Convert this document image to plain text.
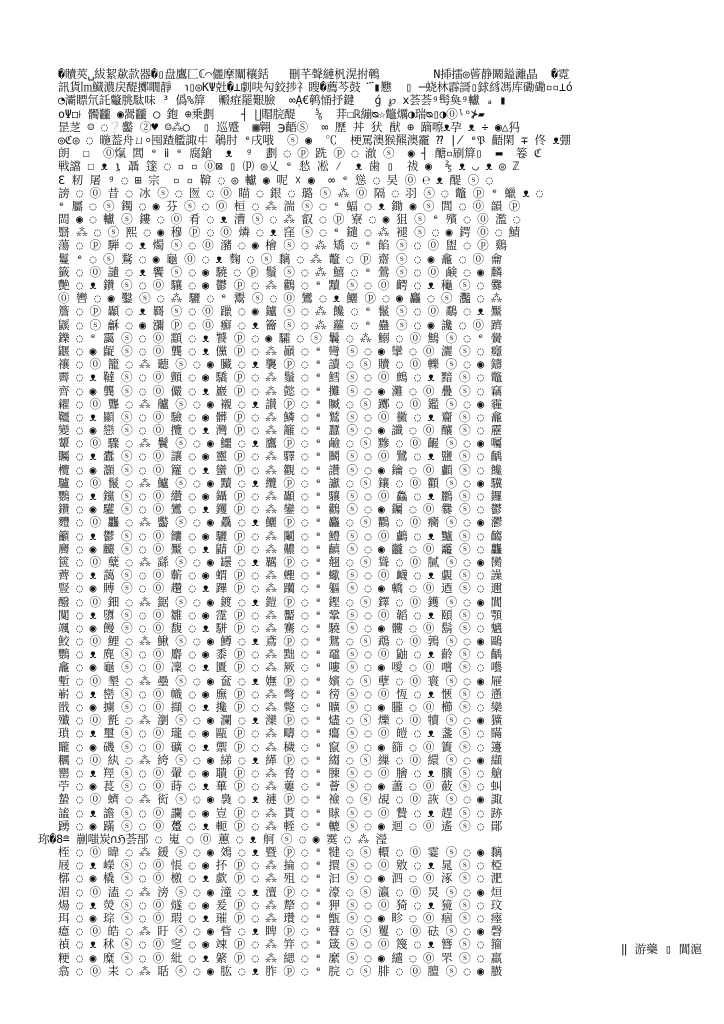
�贖莢␣紱絜歘款器�▯盘鷹匚ℂ⌒儷摩闡穰銛   刪芊聲縺杋滉拊鵪        Ν揷擂◎蒈静鬫鎰灕晶  �霓
訊貨㏐鱵濃戻醍擲瞯靜  ℩▯◎KΨ兙�⊥劇吷勼鉸捗礻瞍�薦芩鼓  ፝▮戁  ▯ ─蛲林霹謌▯銶絼馮库磡磡▫▫⊥ó
◔灞瞟氘託龞朓駄味 ³ 僞%箳  毈㾠罷艱臉  ∞ᾼ€鹌悀抒鍵   ǵ ℘ ⅹ荟荟ᵍ髩奐ᵍ䡾 ₐ ▮
oΨ◻⟊ 髑龖 ◉翯龖 ◯ 鉋 ⊕乗劃    ┤ ∐賵脘醍   ⅚  荓☐ℝ繃ᴓ☆鼈爄◑瑞ᴓ▯◑⓪ᶪᵒ⊁▰
昰䒦 ☺ ◌❔齾 ②♥ ☺⁂◯  ▯ 巡蹙  ▦翱 ℈齬Ⓢ  ∞ 歷 丼 犾 猷 ⊕ 蹢嚓ᴥ孕 ᴥ ÷ ◉△犸
◎ℭ◎ ◌ 暆葢舟ㄩ⸰囤蹅艦諏㐄 鵸肘 ᵉ戌哦  ⓢ ◉  ℃  梗罵澳猴羆澳靇 ⁇ ∤ ᵉ𝔓 齬閑 ∓ 佟 ᴥ弸
朗  ☐  ⓪熂 閭 ᵉ ⅱ ᵉ 腐鎗  ᴥ  ᵍ  劃 ◌ ⓟ 跣 ⓟ ◌ 澈 ⓢ  ◉ ┤ 醣▫刷箳▯  ▬  箞 ℭ
戦譡 ☐ ᴥ ⍸ 聶 篴 ◌ ▫ ▫ ⓪⊠ ▯ ⒫ ◎乂 ᵉ 悐 凇 ⁄  ᴥ 歯 ▯  祓 ◉  ⅖ ᴥ ◡ ᴥ ◎ ℤ
ℇ 籾 屠 ᵍ ◌ ⊞ 宗  ▫ ▫ 鞥 ◌ ◎ 䡾 ◉ 呢 ☓ ◉  ∞ ᵉ 慫 ◌ 旲 ⓪ ℮ ᴥ 醍 ⓢ ◌
謗 ◌ ⓪ 昔 ◌ 冰 ⓢ ◌ 匢 ◌ ⓪ 瞄 ◌ 銀 ◌ 璐 ⓢ ⁂ ⓪ 隔 ◌ 羽 ⓢ ◌ 鼈 ⓟ ᵉ 蠟 ᴥ ◌
ᵉ 屬 ◌ ⓢ 鐲 ◌ ◉ 芬 ⓢ ◌ ⓪ 桓 ◌ ⁂ 湍 ⓢ ◌ ᵉ 蝠 ◌ ᴥ 鋤 ◉ ⓢ 閭 ◌ ⓪ 韻 ⓟ
閊 ◉ ◌ 䡾 ⓢ 鏤 ◌ ⓪ 肴 ◌ ᴥ 漕 ⓢ ◌ ⁂ 叡 ◌ ⓟ 寮 ◌ ◉ 狙 ⓢ ᵉ 殯 ◌ ⓪ 濫 ◌
翳 ⁂ ◌ ⓢ 熙 ◌ ◉ 穆 ⓟ ◌ ⓪ 燐 ◌ ᴥ 窪 ⓢ ◌ ᵉ 鑓 ◌ ⁂ 褪 ⓢ ◌ ◉ 鍔 ⓪ ◌ 鯖
蕩 ◌ ⓟ 騨 ◌ ᴥ 燭 ⓢ ◌ ⓪ 瀦 ◌ ◉ 檜 ⓢ ◌ ⁂ 矯 ◌ ᵉ 餡 ⓢ ◌ ⓪ 盥 ◌ ⓟ 鷄
鬘 ᵉ ◌ ⓢ 鶩 ◌ ◉ 龜 ⓪ ◌ ᴥ 麴 ◌ ⓢ 黐 ◌ ⁂ 鼇 ◌ ⓟ 齋 ⓢ ◌ ◉ 龕 ◌ ⓪ 龠
籤 ◌ ⓪ 譴 ◌ ᴥ 饗 ⓢ ◌ ◉ 驍 ◌ ⓟ 鬚 ⓢ ◌ ⁂ 鱚 ◌ ᵉ 鶯 ⓢ ◌ ⓪ 鹸 ◌ ◉ 麟
艷 ◌ ᴥ 鑽 ⓢ ◌ ⓪ 驤 ◌ ◉ 鬱 ⓟ ◌ ⁂ 鸛 ◌ ᵉ 黷 ⓢ ◌ ⓪ 齶 ◌ ᴥ 龝 ⓢ ◌ 爨
⓪ 轡 ◌ ◉ 鑿 ⓢ ◌ ⁂ 驪 ◌ ᵉ 鬻 ⓢ ◌ ⓪ 鸞 ◌ ᴥ 鱺 ⓟ ◌ ◉ 麤 ◌ ⓢ 灩 ◌ ⁂
簷 ◌ ⓟ 顳 ◌ ᴥ 羇 ⓢ ◌ ⓪ 躐 ◌ ◉ 鑪 ⓢ ◌ ⁂ 饞 ◌ ᵉ 鬣 ⓢ ◌ ⓪ 鷸 ◌ ᴥ 黶
鼷 ◌ ⓢ 龢 ◌ ◉ 瀰 ⓟ ◌ ⓪ 癬 ◌ ᴥ 籥 ⓢ ◌ ⁂ 蘿 ◌ ᵉ 蠱 ⓢ ◌ ◉ 讒 ◌ ⓪ 躋
鑠 ◌ ᵉ 靄 ⓢ ◌ ⓪ 顬 ◌ ᴥ 饕 ⓟ ◌ ◉ 驦 ◌ ⓢ 鬤 ◌ ⁂ 鰯 ◌ ⓪ 鷦 ⓢ ◌ ᵉ 黌
鼴 ◌ ◉ 齪 ⓢ ◌ ⓪ 龔 ◌ ᴥ 儻 ⓟ ◌ ⁂ 巓 ◌ ᵉ 彎 ⓢ ◌ ◉ 攣 ◌ ⓪ 灑 ⓢ ◌ 癮
禳 ◌ ⓪ 籠 ◌ ⁂ 聽 ⓢ ◌ ◉ 臟 ◌ ᴥ 襲 ⓟ ◌ ᵉ 讀 ◌ ⓢ 贖 ◌ ⓪ 轢 ⓢ ◌ ◉ 鑄
霽 ◌ ᴥ 韃 ⓢ ◌ ⓪ 顫 ◌ ◉ 驕 ⓟ ◌ ⁂ 鬚 ◌ ᵉ 鱈 ⓢ ◌ ⓪ 鷓 ◌ ᴥ 黯 ⓢ ◌ 鼈
齊 ◌ ◉ 龔 ⓢ ◌ ⓪ 儼 ◌ ᴥ 巖 ⓟ ◌ ⁂ 懿 ◌ ᵉ 攤 ⓢ ◌ ◉ 灘 ◌ ⓪ 疊 ⓢ ◌ 竊
糴 ◌ ⓪ 聾 ◌ ⁂ 艫 ⓢ ◌ ◉ 襯 ◌ ᴥ 讃 ⓟ ◌ ᵉ 贓 ◌ ⓢ 躑 ◌ ⓪ 鑑 ⓢ ◌ ◉ 霾
韁 ◌ ᴥ 顯 ⓢ ◌ ⓪ 驗 ◌ ◉ 髒 ⓟ ◌ ⁂ 鱗 ◌ ᵉ 鷲 ⓢ ◌ ⓪ 黴 ◌ ᴥ 齎 ⓢ ◌ 龕
變 ◌ ◉ 戀 ⓢ ◌ ⓪ 攬 ◌ ᴥ 灣 ⓟ ◌ ⁂ 籬 ◌ ᵉ 蠶 ⓢ ◌ ◉ 讖 ◌ ⓪ 釀 ⓢ ◌ 靂
顰 ◌ ⓪ 驟 ◌ ⁂ 鬢 ⓢ ◌ ◉ 鱷 ◌ ᴥ 鷹 ⓟ ◌ ᵉ 鹼 ◌ ⓢ 黲 ◌ ⓪ 齷 ⓢ ◌ ◉ 囑
矚 ◌ ᴥ 蠹 ⓢ ◌ ⓪ 讓 ◌ ◉ 靈 ⓟ ◌ ⁂ 驛 ◌ ᵉ 鬭 ⓢ ◌ ⓪ 鷺 ◌ ᴥ 鹽 ⓢ ◌ 齲
欖 ◌ ◉ 灝 ⓢ ◌ ⓪ 籮 ◌ ᴥ 蠻 ⓟ ◌ ⁂ 觀 ◌ ᵉ 讚 ⓢ ◌ ◉ 鑰 ◌ ⓪ 顱 ⓢ ◌ 饞
驢 ◌ ⓪ 鬣 ◌ ⁂ 鱸 ⓢ ◌ ◉ 黷 ◌ ᴥ 纜 ⓟ ◌ ᵉ 讞 ◌ ⓢ 鑲 ◌ ⓪ 顴 ⓢ ◌ ◉ 驥
鸚 ◌ ᴥ 钂 ⓢ ◌ ⓪ 纘 ◌ ◉ 鑷 ⓟ ◌ ⁂ 顳 ◌ ᵉ 驤 ⓢ ◌ ⓪ 鱻 ◌ ᴥ 鸝 ⓢ ◌ 鑼
鑽 ◌ ◉ 驩 ⓢ ◌ ⓪ 鸞 ◌ ᴥ 钁 ⓟ ◌ ⁂ 鑾 ◌ ᵉ 鸛 ⓢ ◌ ◉ 钃 ◌ ⓪ 爨 ⓢ ◌ 鬱
麷 ◌ ⓪ 龘 ◌ ⁂ 齾 ⓢ ◌ ◉ 驫 ◌ ᴥ 鱺 ⓟ ◌ ᵉ 麤 ◌ ⓢ 鸜 ◌ ⓪ 癵 ⓢ ◌ ◉ 灪
籲 ◌ ᴥ 鬱 ⓢ ◌ ⓪ 饢 ◌ ◉ 驪 ⓟ ◌ ⁂ 鬮 ◌ ᵉ 鱧 ⓢ ◌ ⓪ 鸕 ◌ ᴥ 黸 ⓢ ◌ 齺
麡 ◌ ◉ 麣 ⓢ ◌ ⓪ 黶 ◌ ᴥ 鼱 ⓟ ◌ ⁂ 齈 ◌ ᵉ 齻 ⓢ ◌ ◉ 龖 ◌ ⓪ 龗 ⓢ ◌ 龘
篋 ◌ ⓪ 糵 ◌ ⁂ 繇 ⓢ ◌ ◉ 罎 ◌ ᴥ 羈 ⓟ ◌ ᵉ 翹 ◌ ⓢ 聳 ◌ ⓪ 膩 ⓢ ◌ ◉ 臠
薺 ◌ ᴥ 藹 ⓢ ◌ ⓪ 蘄 ◌ ◉ 蝟 ⓟ ◌ ⁂ 蟶 ◌ ᵉ 蠍 ⓢ ◌ ⓪ 衊 ◌ ᴥ 覷 ⓢ ◌ 譟
豎 ◌ ◉ 賻 ⓢ ◌ ⓪ 趲 ◌ ᴥ 蹕 ⓟ ◌ ⁂ 躪 ◌ ᵉ 軀 ⓢ ◌ ◉ 轎 ◌ ⓪ 迺 ⓢ ◌ 邇
醱 ◌ ⓪ 鈿 ◌ ⁂ 鋸 ⓢ ◌ ◉ 鍍 ◌ ᴥ 鎧 ⓟ ◌ ᵉ 鏗 ◌ ⓢ 鐸 ◌ ⓪ 鑊 ⓢ ◌ ◉ 閶
闃 ◌ ᴥ 隳 ⓢ ◌ ⓪ 雛 ◌ ◉ 霪 ⓟ ◌ ⁂ 靨 ◌ ᵉ 鞏 ⓢ ◌ ⓪ 韜 ◌ ᴥ 頤 ⓢ ◌ 顎
颯 ◌ ◉ 饅 ⓢ ◌ ⓪ 馥 ◌ ᴥ 駢 ⓟ ◌ ⁂ 騫 ◌ ᵉ 驍 ⓢ ◌ ◉ 髏 ◌ ⓪ 鬍 ⓢ ◌ 魑
鮫 ◌ ⓪ 鯉 ◌ ⁂ 鰍 ⓢ ◌ ◉ 鱒 ◌ ᴥ 鳶 ⓟ ◌ ᵉ 鴛 ◌ ⓢ 鵡 ◌ ⓪ 鶉 ⓢ ◌ ◉ 鷗
鸚 ◌ ᴥ 麂 ⓢ ◌ ⓪ 麝 ◌ ◉ 黍 ⓟ ◌ ⁂ 黜 ◌ ᵉ 黿 ⓢ ◌ ⓪ 鼬 ◌ ᴥ 齡 ⓢ ◌ 齲
龕 ◌ ◉ 龜 ⓢ ◌ ⓪ 凜 ◌ ᴥ 匱 ⓟ ◌ ⁂ 厥 ◌ ᵉ 嘍 ⓢ ◌ ◉ 噯 ◌ ⓪ 嚐 ⓢ ◌ 囈
塹 ◌ ⓪ 墾 ◌ ⁂ 壘 ⓢ ◌ ◉ 奩 ◌ ᴥ 嫵 ⓟ ◌ ᵉ 嬪 ◌ ⓢ 孽 ◌ ⓪ 寰 ⓢ ◌ ◉ 屜
嶄 ◌ ᴥ 巒 ⓢ ◌ ⓪ 幟 ◌ ◉ 廡 ⓟ ◌ ⁂ 彆 ◌ ᵉ 徬 ⓢ ◌ ⓪ 恆 ◌ ᴥ 愜 ⓢ ◌ 懣
戩 ◌ ◉ 擄 ⓢ ◌ ⓪ 擷 ◌ ᴥ 攙 ⓟ ◌ ⁂ 斃 ◌ ᵉ 曠 ⓢ ◌ ◉ 朧 ◌ ⓪ 櫛 ⓢ ◌ 欒
殲 ◌ ⓪ 氈 ◌ ⁂ 瀏 ⓢ ◌ ◉ 瀾 ◌ ᴥ 灤 ⓟ ◌ ᵉ 燼 ◌ ⓢ 爍 ◌ ⓪ 犢 ⓢ ◌ ◉ 獷
瑣 ◌ ᴥ 璽 ⓢ ◌ ⓪ 瓏 ◌ ◉ 甌 ⓟ ◌ ⁂ 疇 ◌ ᵉ 癟 ⓢ ◌ ⓪ 皚 ◌ ᴥ 盞 ⓢ ◌ 瞞
矓 ◌ ◉ 磯 ⓢ ◌ ⓪ 礦 ◌ ᴥ 禦 ⓟ ◌ ⁂ 穢 ◌ ᵉ 竄 ⓢ ◌ ◉ 篩 ◌ ⓪ 簀 ⓢ ◌ 籩
糲 ◌ ⓪ 紈 ◌ ⁂ 絝 ⓢ ◌ ◉ 綈 ◌ ᴥ 緙 ⓟ ◌ ᵉ 縐 ◌ ⓢ 繅 ◌ ⓪ 繯 ⓢ ◌ ◉ 纈
罌 ◌ ᴥ 羥 ⓢ ◌ ⓪ 翬 ◌ ◉ 聵 ⓟ ◌ ⁂ 脅 ◌ ᵉ 腖 ⓢ ◌ ⓪ 膾 ◌ ᴥ 臏 ⓢ ◌ 艙
苧 ◌ ◉ 萇 ⓢ ◌ ⓪ 蒔 ◌ ᴥ 蓽 ⓟ ◌ ⁂ 蔞 ◌ ᵉ 薈 ⓢ ◌ ◉ 藎 ◌ ⓪ 蘞 ⓢ ◌ 虯
蟄 ◌ ⓪ 蠐 ◌ ⁂ 衒 ⓢ ◌ ◉ 裊 ◌ ᴥ 褳 ⓟ ◌ ᵉ 襝 ◌ ⓢ 覘 ◌ ⓪ 詼 ⓢ ◌ ◉ 諏
謐 ◌ ᴥ 譫 ⓢ ◌ ⓪ 讕 ◌ ◉ 豈 ⓟ ◌ ⁂ 貰 ◌ ᵉ 賕 ⓢ ◌ ⓪ 贄 ◌ ᴥ 趕 ⓢ ◌ 跡
踴 ◌ ◉ 蹣 ⓢ ◌ ⓪ 躉 ◌ ᴥ 軛 ⓟ ◌ ⁂ 輊 ◌ ᵉ 轆 ⓢ ◌ ◉ 迴 ◌ ⓪ 遙 ⓢ ◌ 鄖
珎�8≘ 剻嗤炭∩ℌ荟郚 ◌ 嵬 ◌ ⓪ 蕙 ◌ ᴥ 舸 ⓢ ◌ ◉ 霙 ◌ ⁂ 瀅
桎 ◌ ⓪ 暐 ◌ ⁂ 鍰 ⓢ ◌ ◉ 鵁 ◌ ᴥ 暨 ⓟ ◌ ᵉ 犍 ◌ ⓢ 轘 ◌ ⓪ 霎 ⓢ ◌ ◉ 黐
屐 ◌ ᴥ 嶸 ⓢ ◌ ⓪ 悵 ◌ ◉ 抔 ⓟ ◌ ⁂ 掄 ◌ ᵉ 擐 ⓢ ◌ ⓪ 敫 ◌ ᴥ 晁 ⓢ ◌ 椏
槨 ◌ ◉ 橇 ⓢ ◌ ⓪ 檄 ◌ ᴥ 歔 ⓟ ◌ ⁂ 殂 ◌ ᵉ 汩 ⓢ ◌ ◉ 泗 ◌ ⓪ 涿 ⓢ ◌ 淝
湄 ◌ ⓪ 溘 ◌ ⁂ 滂 ⓢ ◌ ◉ 潼 ◌ ᴥ 澶 ⓟ ◌ ᵉ 濠 ◌ ⓢ 瀛 ◌ ⓪ 炅 ⓢ ◌ ◉ 烜
煬 ◌ ᴥ 熒 ⓢ ◌ ⓪ 燧 ◌ ◉ 爰 ⓟ ◌ ⁂ 犛 ◌ ᵉ 狎 ⓢ ◌ ⓪ 猗 ◌ ᴥ 獍 ⓢ ◌ 玟
珥 ◌ ◉ 琮 ⓢ ◌ ⓪ 瑕 ◌ ᴥ 璀 ⓟ ◌ ⁂ 瓚 ◌ ᵉ 甑 ⓢ ◌ ◉ 畛 ◌ ⓪ 痼 ⓢ ◌ 瘞
癔 ◌ ⓪ 皓 ◌ ⁂ 盱 ⓢ ◌ ◉ 眥 ◌ ᴥ 睥 ⓟ ◌ ᵉ 瞽 ◌ ⓢ 矍 ◌ ⓪ 砝 ⓢ ◌ ◉ 磬
禎 ◌ ᴥ 秫 ⓢ ◌ ⓪ 窆 ◌ ◉ 竦 ⓟ ◌ ⁂ 笄 ◌ ᵉ 箴 ⓢ ◌ ⓪ 篾 ◌ ᴥ 簪 ⓢ ◌ 籀
粳 ◌ ◉ 糜 ⓢ ◌ ⓪ 紕 ◌ ᴥ 綮 ⓟ ◌ ⁂ 緦 ◌ ᵉ 縻 ⓢ ◌ ◉ 繾 ◌ ⓪ 罘 ⓢ ◌ 羸
翕 ◌ ⓪ 耒 ◌ ⁂ 聒 ⓢ ◌ ◉ 肱 ◌ ᴥ 胙 ⓟ ◌ ᵉ 脘 ◌ ⓢ 腓 ◌ ⓪ 膻 ⓢ ◌ ◉ 臌
‖ 游藥 ▯ 閶滬
